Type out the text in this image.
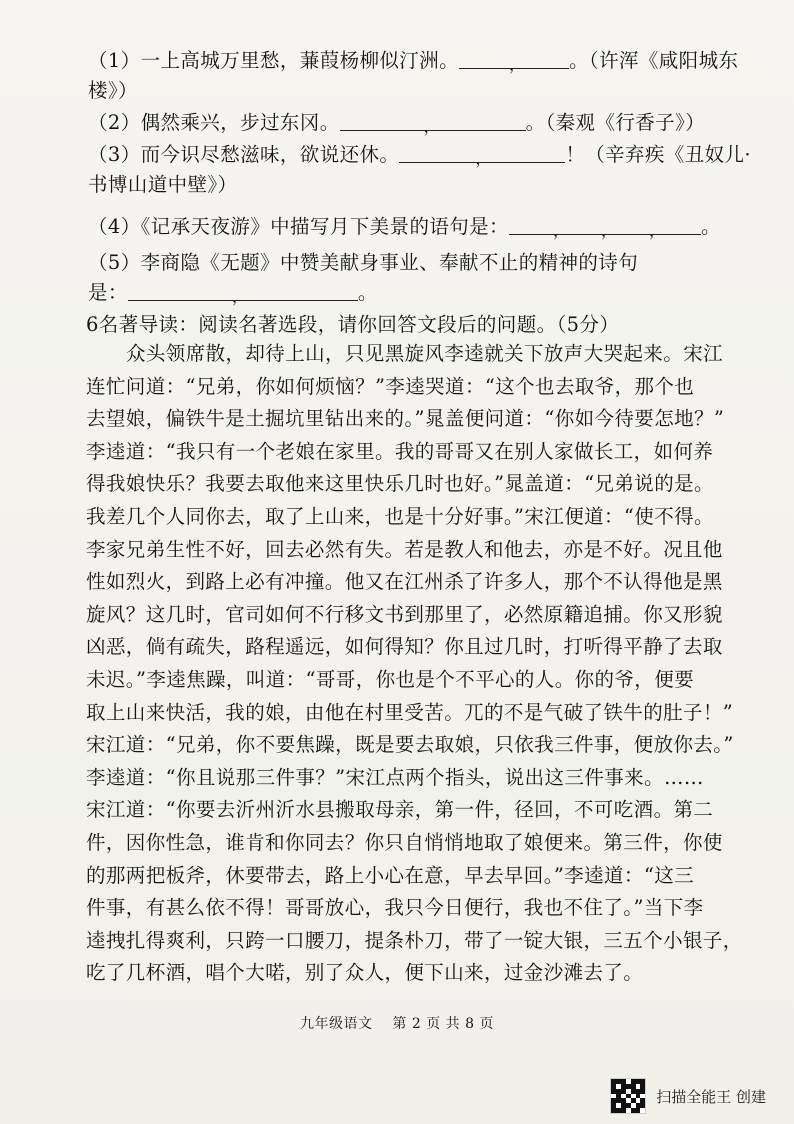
（1）一上高城万里愁，蒹葭杨柳似汀洲。	， 。（许浑《咸阳城东
楼》）
（2）偶然乘兴，步过东冈。	，	。（秦观《行香子》）
（3）而今识尽愁滋味，欲说还休。	，	！（辛弃疾《丑奴儿·
书博山道中壁》）
（4）《记承天夜游》中描写月下美景的语句是：	， ， ， 。
（5）李商隐《无题》中赞美献身事业、奉献不止的精神的诗句
是：	，	。
6名著导读：阅读名著选段，请你回答文段后的问题。（5分）
众头领席散，却待上山，只见黑旋风李逵就关下放声大哭起来。宋江
连忙问道：“兄弟，你如何烦恼？”李逵哭道：“这个也去取爷，那个也
去望娘，偏铁牛是土掘坑里钻出来的。”晁盖便问道：“你如今待要怎地？”
李逵道：“我只有一个老娘在家里。我的哥哥又在别人家做长工，如何养
得我娘快乐？我要去取他来这里快乐几时也好。”晁盖道：“兄弟说的是。
我差几个人同你去，取了上山来，也是十分好事。”宋江便道：“使不得。
李家兄弟生性不好，回去必然有失。若是教人和他去，亦是不好。况且他
性如烈火，到路上必有冲撞。他又在江州杀了许多人，那个不认得他是黑
旋风？这几时，官司如何不行移文书到那里了，必然原籍追捕。你又形貌
凶恶，倘有疏失，路程遥远，如何得知？你且过几时，打听得平静了去取
未迟。”李逵焦躁，叫道：“哥哥，你也是个不平心的人。你的爷，便要
取上山来快活，我的娘，由他在村里受苦。兀的不是气破了铁牛的肚子！”
宋江道：“兄弟，你不要焦躁，既是要去取娘，只依我三件事，便放你去。”
李逵道：“你且说那三件事？”宋江点两个指头，说出这三件事来。……
宋江道：“你要去沂州沂水县搬取母亲，第一件，径回，不可吃酒。第二
件，因你性急，谁肯和你同去？你只自悄悄地取了娘便来。第三件，你使
的那两把板斧，休要带去，路上小心在意，早去早回。”李逵道：“这三
件事，有甚么依不得！哥哥放心，我只今日便行，我也不住了。”当下李
逵拽扎得爽利，只跨一口腰刀，提条朴刀，带了一锭大银，三五个小银子，
吃了几杯酒，唱个大喏，别了众人，便下山来，过金沙滩去了。
九年级语文 第 2 页 共 8 页
扫描全能王 创建
